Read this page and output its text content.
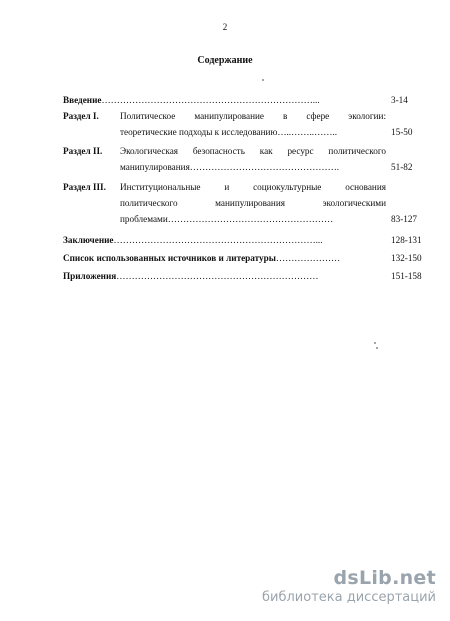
2
Содержание
Введение……………………………………………………………...	3-14
Раздел I. Политическое манипулирование в сфере экологии:
теоретические подходы к исследованию…..……..……..	15-50
Раздел II. Экологическая безопасность как ресурс политического
манипулирования………………………………………….	51-82
Раздел III. Институциональные и социокультурные основания
политического манипулирования экологическими
проблемами………………………………………………	83-127
Заключение…………………………………………………………...	128-131
Список использованных источников и литературы…………………	132-150
Приложения…………………………………………………………	151-158
dsLib.net
библиотека диссертаций
